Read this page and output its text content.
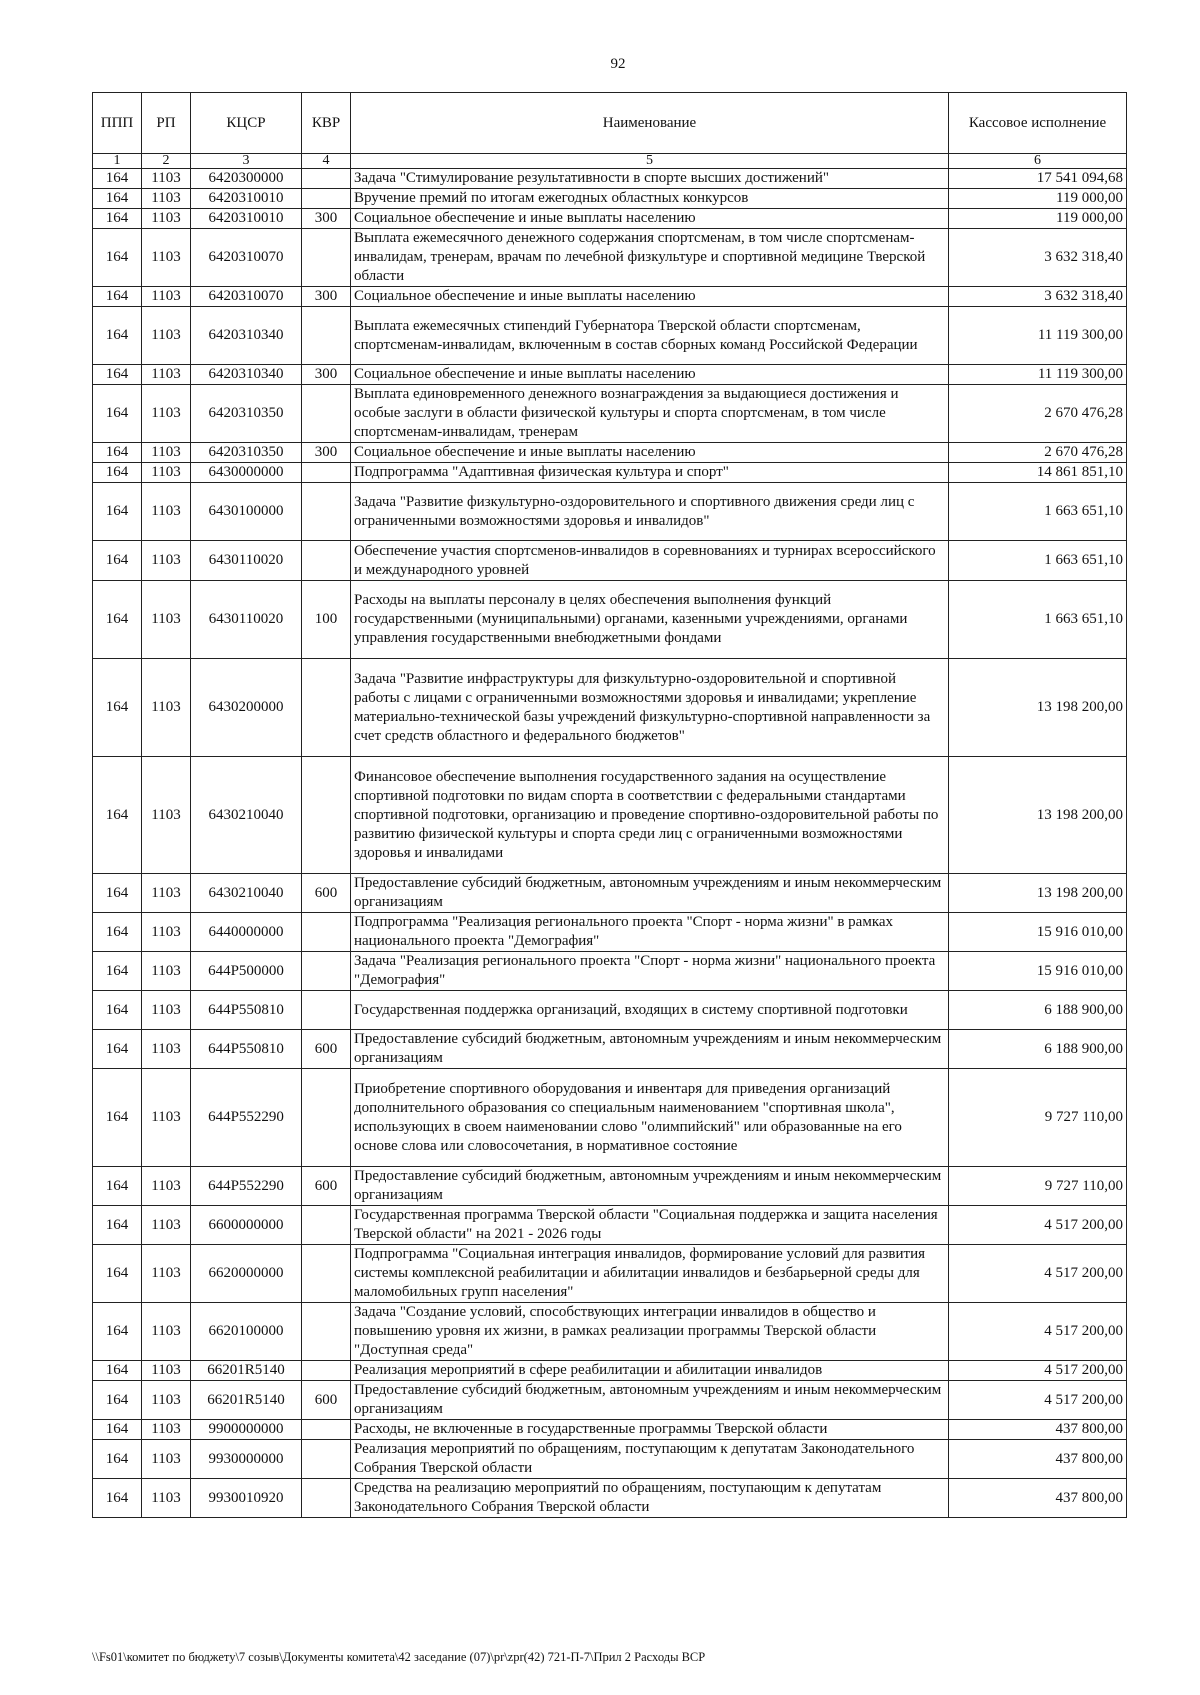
92
ППП	РП	КЦСР	КВР	Наименование	Кассовое исполнение
1	2	3	4	5	6
164	1103	6420300000		Задача "Стимулирование результативности в спорте высших достижений"	17 541 094,68
164	1103	6420310010		Вручение премий по итогам ежегодных областных конкурсов	119 000,00
164	1103	6420310010	300	Социальное обеспечение и иные выплаты населению	119 000,00
164	1103	6420310070		Выплата ежемесячного денежного содержания спортсменам, в том числе спортсменам-инвалидам, тренерам, врачам по лечебной физкультуре и спортивной медицине Тверской области	3 632 318,40
164	1103	6420310070	300	Социальное обеспечение и иные выплаты населению	3 632 318,40
164	1103	6420310340		Выплата ежемесячных стипендий Губернатора Тверской области спортсменам, спортсменам-инвалидам, включенным в состав сборных команд Российской Федерации	11 119 300,00
164	1103	6420310340	300	Социальное обеспечение и иные выплаты населению	11 119 300,00
164	1103	6420310350		Выплата единовременного денежного вознаграждения за выдающиеся достижения и особые заслуги в области физической культуры и спорта спортсменам, в том числе спортсменам-инвалидам, тренерам	2 670 476,28
164	1103	6420310350	300	Социальное обеспечение и иные выплаты населению	2 670 476,28
164	1103	6430000000		Подпрограмма "Адаптивная физическая культура и спорт"	14 861 851,10
164	1103	6430100000		Задача "Развитие физкультурно-оздоровительного и спортивного движения среди лиц с ограниченными возможностями здоровья и инвалидов"	1 663 651,10
164	1103	6430110020		Обеспечение участия спортсменов-инвалидов в соревнованиях и турнирах всероссийского и международного уровней	1 663 651,10
164	1103	6430110020	100	Расходы на выплаты персоналу в целях обеспечения выполнения функций государственными (муниципальными) органами, казенными учреждениями, органами управления государственными внебюджетными фондами	1 663 651,10
164	1103	6430200000		Задача "Развитие инфраструктуры для физкультурно-оздоровительной и спортивной работы с лицами с ограниченными возможностями здоровья и инвалидами; укрепление материально-технической базы учреждений физкультурно-спортивной направленности за счет средств областного и федерального бюджетов"	13 198 200,00
164	1103	6430210040		Финансовое обеспечение выполнения государственного задания на осуществление спортивной подготовки по видам спорта в соответствии с федеральными стандартами спортивной подготовки, организацию и проведение спортивно-оздоровительной работы по развитию физической культуры и спорта среди лиц с ограниченными возможностями здоровья и инвалидами	13 198 200,00
164	1103	6430210040	600	Предоставление субсидий бюджетным, автономным учреждениям и иным некоммерческим организациям	13 198 200,00
164	1103	6440000000		Подпрограмма "Реализация регионального проекта "Спорт - норма жизни" в рамках национального проекта "Демография"	15 916 010,00
164	1103	644P500000		Задача "Реализация регионального проекта "Спорт - норма жизни" национального проекта "Демография"	15 916 010,00
164	1103	644P550810		Государственная поддержка организаций, входящих в систему спортивной подготовки	6 188 900,00
164	1103	644P550810	600	Предоставление субсидий бюджетным, автономным учреждениям и иным некоммерческим организациям	6 188 900,00
164	1103	644P552290		Приобретение спортивного оборудования и инвентаря для приведения организаций дополнительного образования со специальным наименованием "спортивная школа", использующих в своем наименовании слово "олимпийский" или образованные на его основе слова или словосочетания, в нормативное состояние	9 727 110,00
164	1103	644P552290	600	Предоставление субсидий бюджетным, автономным учреждениям и иным некоммерческим организациям	9 727 110,00
164	1103	6600000000		Государственная программа Тверской области "Социальная поддержка и защита населения Тверской области" на 2021 - 2026 годы	4 517 200,00
164	1103	6620000000		Подпрограмма "Социальная интеграция инвалидов, формирование условий для развития системы комплексной реабилитации и абилитации инвалидов и безбарьерной среды для маломобильных групп населения"	4 517 200,00
164	1103	6620100000		Задача "Создание условий, способствующих интеграции инвалидов в общество и повышению уровня их жизни, в рамках реализации программы Тверской области "Доступная среда"	4 517 200,00
164	1103	66201R5140		Реализация мероприятий в сфере реабилитации и абилитации инвалидов	4 517 200,00
164	1103	66201R5140	600	Предоставление субсидий бюджетным, автономным учреждениям и иным некоммерческим организациям	4 517 200,00
164	1103	9900000000		Расходы, не включенные в государственные программы Тверской области	437 800,00
164	1103	9930000000		Реализация мероприятий по обращениям, поступающим к депутатам Законодательного Собрания Тверской области	437 800,00
164	1103	9930010920		Средства на реализацию мероприятий по обращениям, поступающим к депутатам Законодательного Собрания Тверской области	437 800,00
\\Fs01\комитет по бюджету\7 созыв\Документы комитета\42 заседание (07)\pr\zpr(42) 721-П-7\Прил 2 Расходы ВСР
